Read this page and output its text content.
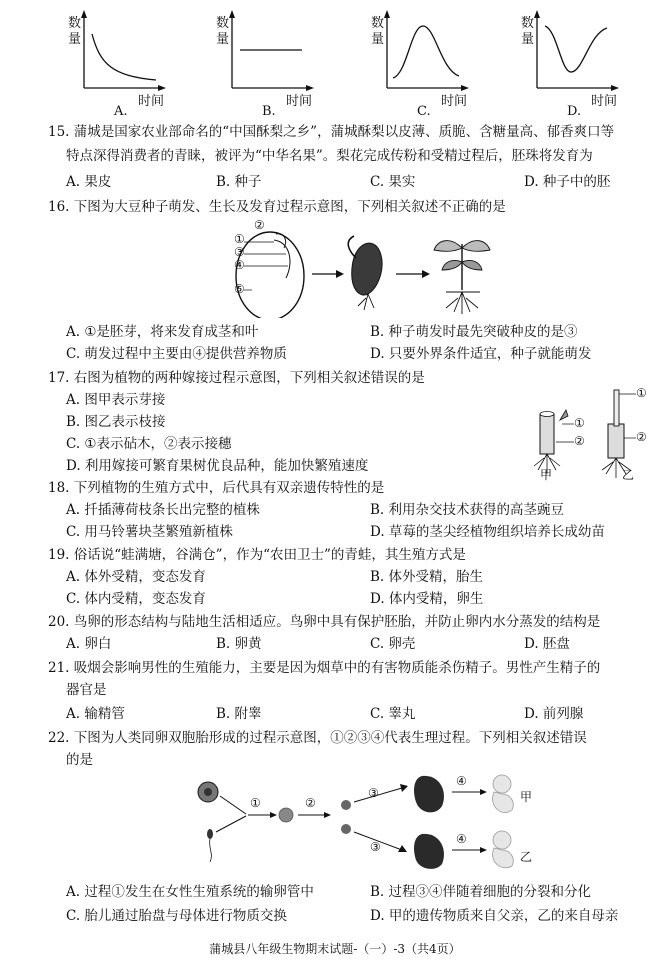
数
量
时间
A.
数
量
时间
B.
数
量
时间
C.
数
量
时间
D.
15. 蒲城是国家农业部命名的“中国酥梨之乡”，蒲城酥梨以皮薄、质脆、含糖量高、郁香爽口等
特点深得消费者的青睐，被评为“中华名果”。梨花完成传粉和受精过程后，胚珠将发育为
A. 果皮	B. 种子	C. 果实	D. 种子中的胚
16. 下图为大豆种子萌发、生长及发育过程示意图，下列相关叙述不正确的是
①
②
③
④
⑤
A. ①是胚芽，将来发育成茎和叶	B. 种子萌发时最先突破种皮的是③
C. 萌发过程中主要由④提供营养物质	D. 只要外界条件适宜，种子就能萌发
17. 右图为植物的两种嫁接过程示意图，下列相关叙述错误的是
A. 图甲表示芽接
B. 图乙表示枝接
C. ①表示砧木，②表示接穗
D. 利用嫁接可繁育果树优良品种，能加快繁殖速度
①
②
①
②
甲	乙
18. 下列植物的生殖方式中，后代具有双亲遗传特性的是
A. 扦插薄荷枝条长出完整的植株	B. 利用杂交技术获得的高茎豌豆
C. 用马铃薯块茎繁殖新植株	D. 草莓的茎尖经植物组织培养长成幼苗
19. 俗话说“蛙满塘，谷满仓”，作为“农田卫士”的青蛙，其生殖方式是
A. 体外受精，变态发育	B. 体外受精，胎生
C. 体内受精，变态发育	D. 体内受精，卵生
20. 鸟卵的形态结构与陆地生活相适应。鸟卵中具有保护胚胎，并防止卵内水分蒸发的结构是
A. 卵白	B. 卵黄	C. 卵壳	D. 胚盘
21. 吸烟会影响男性的生殖能力，主要是因为烟草中的有害物质能杀伤精子。男性产生精子的
器官是
A. 输精管	B. 附睾	C. 睾丸	D. 前列腺
22. 下图为人类同卵双胞胎形成的过程示意图，①②③④代表生理过程。下列相关叙述错误
的是
①	②
③
④
③
④
甲
乙
A. 过程①发生在女性生殖系统的输卵管中	B. 过程③④伴随着细胞的分裂和分化
C. 胎儿通过胎盘与母体进行物质交换	D. 甲的遗传物质来自父亲，乙的来自母亲
蒲城县八年级生物期末试题-（一）-3（共4页）
